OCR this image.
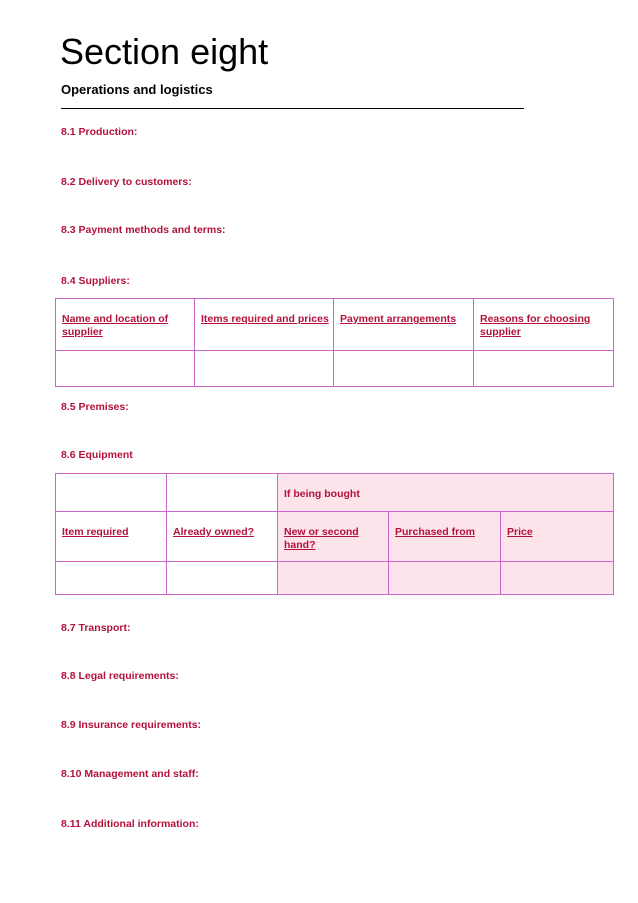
Section eight
Operations and logistics
8.1 Production:
8.2 Delivery to customers:
8.3 Payment methods and terms:
8.4 Suppliers:
Name and location of supplier	Items required and prices	Payment arrangements	Reasons for choosing supplier

8.5 Premises:
8.6 Equipment

		If being bought		

Item required	Already owned?	New or second hand?	Purchased from	Price

8.7 Transport:
8.8 Legal requirements:
8.9 Insurance requirements:
8.10 Management and staff:
8.11 Additional information:
